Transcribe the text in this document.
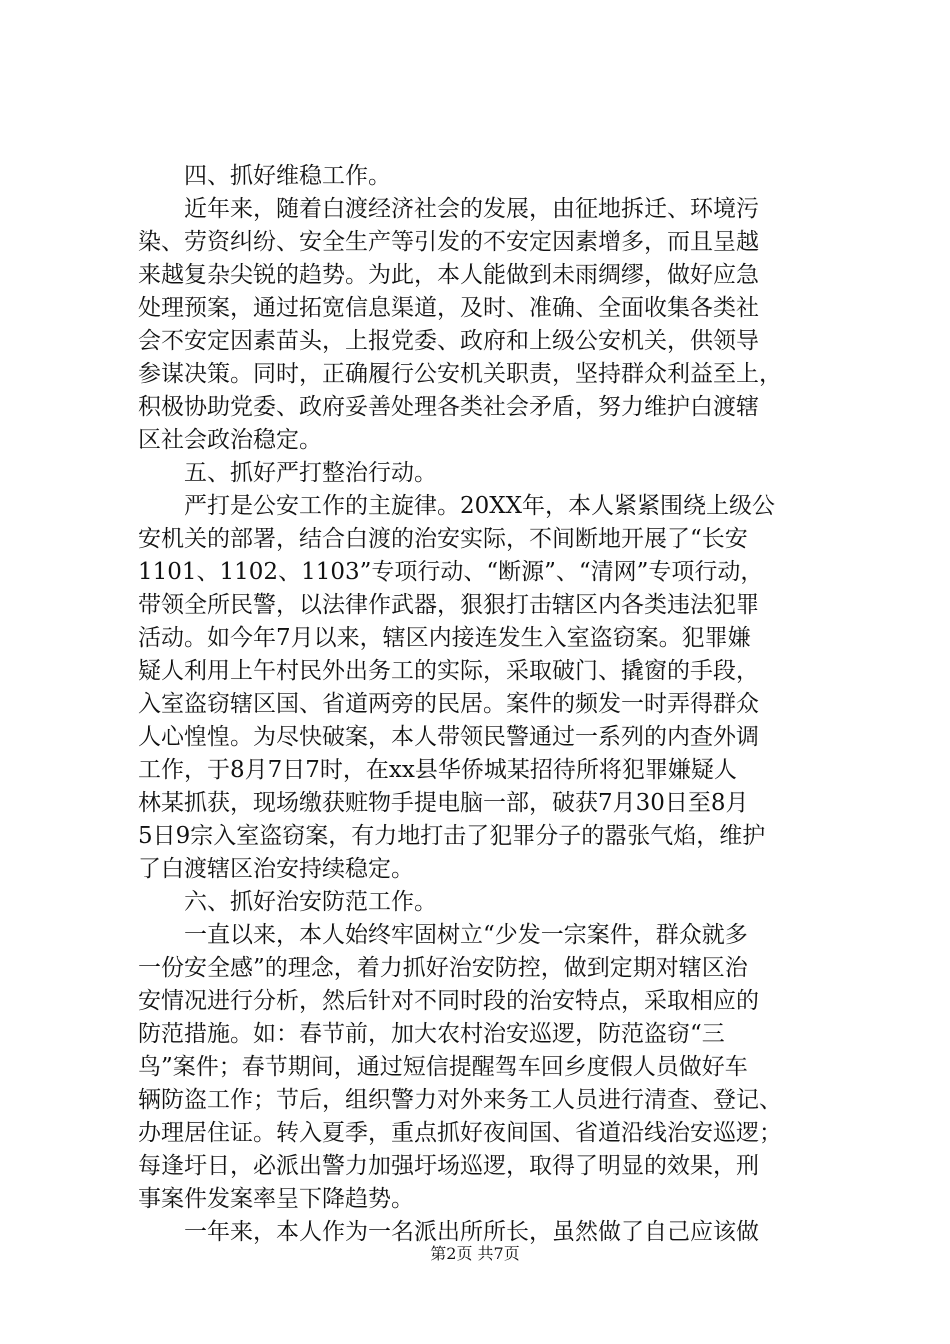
　　四、抓好维稳工作。
　　近年来，随着白渡经济社会的发展，由征地拆迁、环境污
染、劳资纠纷、安全生产等引发的不安定因素增多，而且呈越
来越复杂尖锐的趋势。为此，本人能做到未雨绸缪，做好应急
处理预案，通过拓宽信息渠道，及时、准确、全面收集各类社
会不安定因素苗头，上报党委、政府和上级公安机关，供领导
参谋决策。同时，正确履行公安机关职责，坚持群众利益至上，
积极协助党委、政府妥善处理各类社会矛盾，努力维护白渡辖
区社会政治稳定。
　　五、抓好严打整治行动。
　　严打是公安工作的主旋律。20XX年，本人紧紧围绕上级公
安机关的部署，结合白渡的治安实际，不间断地开展了“长安
1101、1102、1103”专项行动、“断源”、“清网”专项行动，
带领全所民警，以法律作武器，狠狠打击辖区内各类违法犯罪
活动。如今年7月以来，辖区内接连发生入室盗窃案。犯罪嫌
疑人利用上午村民外出务工的实际，采取破门、撬窗的手段，
入室盗窃辖区国、省道两旁的民居。案件的频发一时弄得群众
人心惶惶。为尽快破案，本人带领民警通过一系列的内查外调
工作，于8月7日7时，在xx县华侨城某招待所将犯罪嫌疑人
林某抓获，现场缴获赃物手提电脑一部，破获7月30日至8月
5日9宗入室盗窃案，有力地打击了犯罪分子的嚣张气焰，维护
了白渡辖区治安持续稳定。
　　六、抓好治安防范工作。
　　一直以来，本人始终牢固树立“少发一宗案件，群众就多
一份安全感”的理念，着力抓好治安防控，做到定期对辖区治
安情况进行分析，然后针对不同时段的治安特点，采取相应的
防范措施。如：春节前，加大农村治安巡逻，防范盗窃“三
鸟”案件；春节期间，通过短信提醒驾车回乡度假人员做好车
辆防盗工作；节后，组织警力对外来务工人员进行清查、登记、
办理居住证。转入夏季，重点抓好夜间国、省道沿线治安巡逻；
每逢圩日，必派出警力加强圩场巡逻，取得了明显的效果，刑
事案件发案率呈下降趋势。
　　一年来，本人作为一名派出所所长，虽然做了自己应该做
第2页 共7页
